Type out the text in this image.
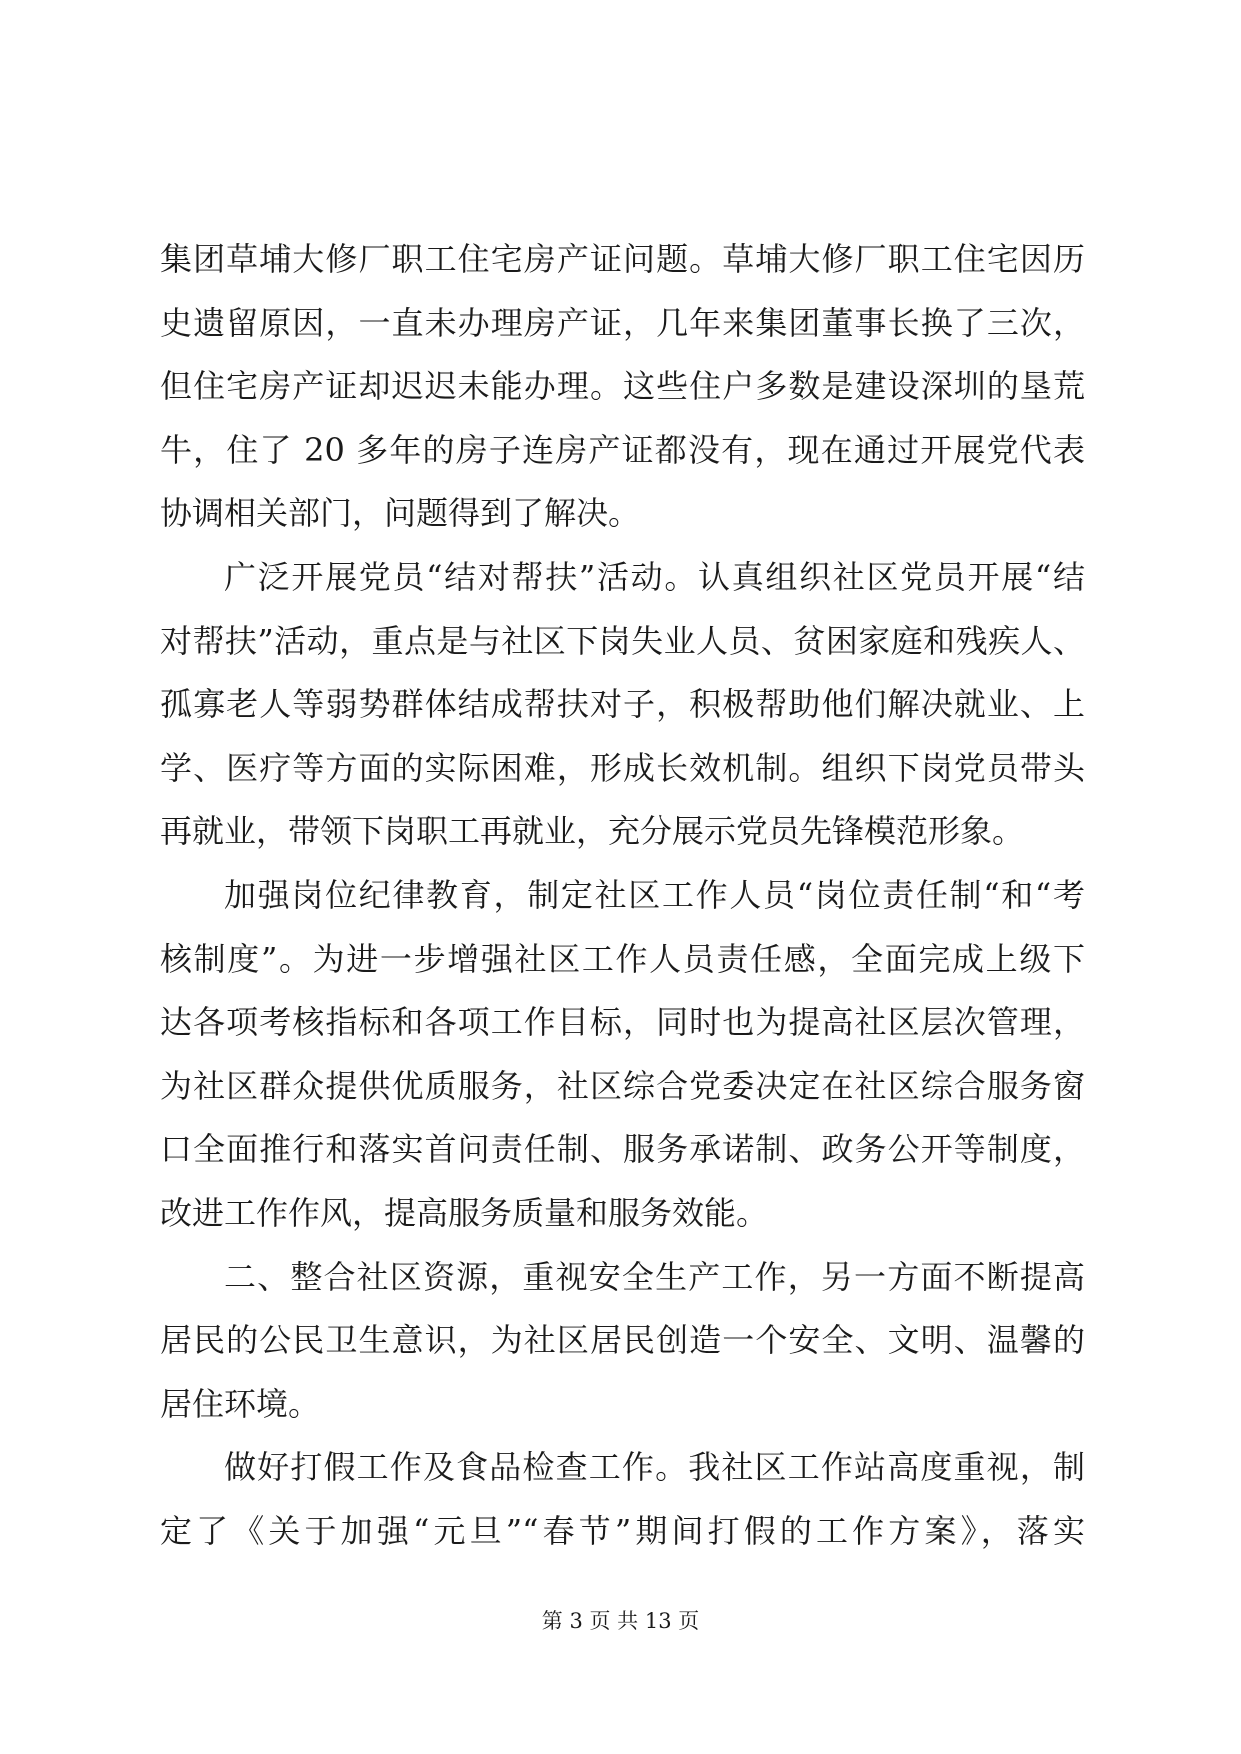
集团草埔大修厂职工住宅房产证问题。草埔大修厂职工住宅因历
史遗留原因，一直未办理房产证，几年来集团董事长换了三次，
但住宅房产证却迟迟未能办理。这些住户多数是建设深圳的垦荒
牛，住了 20 多年的房子连房产证都没有，现在通过开展党代表
协调相关部门，问题得到了解决。
广泛开展党员“结对帮扶”活动。认真组织社区党员开展“结
对帮扶”活动，重点是与社区下岗失业人员、贫困家庭和残疾人、
孤寡老人等弱势群体结成帮扶对子，积极帮助他们解决就业、上
学、医疗等方面的实际困难，形成长效机制。组织下岗党员带头
再就业，带领下岗职工再就业，充分展示党员先锋模范形象。
加强岗位纪律教育，制定社区工作人员“岗位责任制“和“考
核制度”。为进一步增强社区工作人员责任感，全面完成上级下
达各项考核指标和各项工作目标，同时也为提高社区层次管理，
为社区群众提供优质服务，社区综合党委决定在社区综合服务窗
口全面推行和落实首问责任制、服务承诺制、政务公开等制度，
改进工作作风，提高服务质量和服务效能。
二、整合社区资源，重视安全生产工作，另一方面不断提高
居民的公民卫生意识，为社区居民创造一个安全、文明、温馨的
居住环境。
做好打假工作及食品检查工作。我社区工作站高度重视，制
定了《关于加强“元旦”“春节”期间打假的工作方案》，落实
第 3 页 共 13 页
